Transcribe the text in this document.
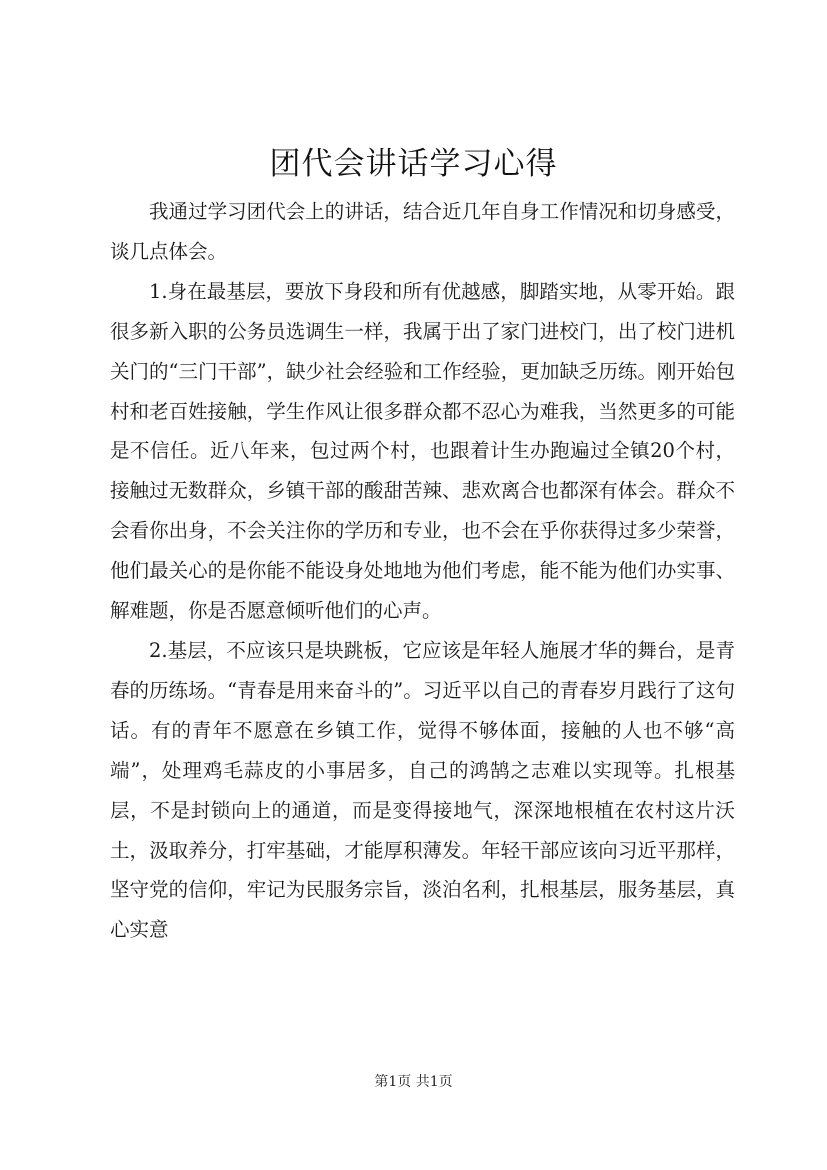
团代会讲话学习心得

我通过学习团代会上的讲话，结合近几年自身工作情况和切身感受，谈几点体会。

1.身在最基层，要放下身段和所有优越感，脚踏实地，从零开始。跟很多新入职的公务员选调生一样，我属于出了家门进校门，出了校门进机关门的“三门干部”，缺少社会经验和工作经验，更加缺乏历练。刚开始包村和老百姓接触，学生作风让很多群众都不忍心为难我，当然更多的可能是不信任。近八年来，包过两个村，也跟着计生办跑遍过全镇20个村，接触过无数群众，乡镇干部的酸甜苦辣、悲欢离合也都深有体会。群众不会看你出身，不会关注你的学历和专业，也不会在乎你获得过多少荣誉，他们最关心的是你能不能设身处地地为他们考虑，能不能为他们办实事、解难题，你是否愿意倾听他们的心声。

2.基层，不应该只是块跳板，它应该是年轻人施展才华的舞台，是青春的历练场。“青春是用来奋斗的”。习近平以自己的青春岁月践行了这句话。有的青年不愿意在乡镇工作，觉得不够体面，接触的人也不够“高端”，处理鸡毛蒜皮的小事居多，自己的鸿鹄之志难以实现等。扎根基层，不是封锁向上的通道，而是变得接地气，深深地根植在农村这片沃土，汲取养分，打牢基础，才能厚积薄发。年轻干部应该向习近平那样，坚守党的信仰，牢记为民服务宗旨，淡泊名利，扎根基层，服务基层，真心实意

第1页 共1页
